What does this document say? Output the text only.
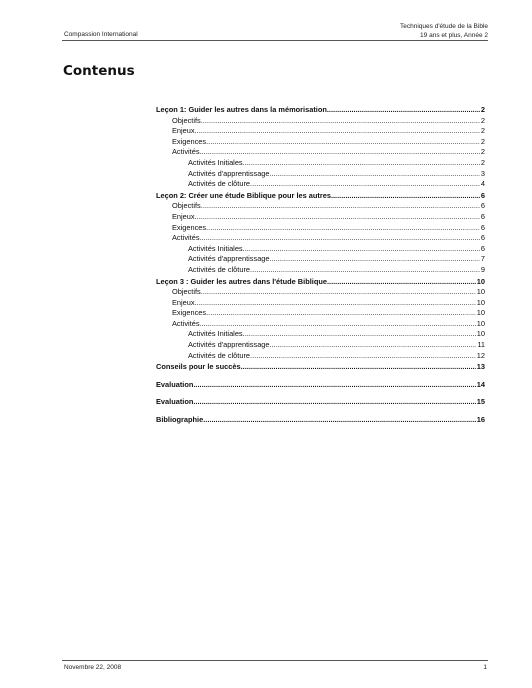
Compassion International
Techniques d'étude de la Bible
19 ans et plus, Année 2
Contenus
Leçon 1: Guider les autres dans la mémorisation .....	2
Objectifs .....	2
Enjeux .....	2
Exigences .....	2
Activités .....	2
Activités Initiales .....	2
Activités d'apprentissage .....	3
Activités de clôture .....	4
Leçon 2: Créer une étude Biblique pour les autres .....	6
Objectifs .....	6
Enjeux .....	6
Exigences .....	6
Activités .....	6
Activités Initiales .....	6
Activités d'apprentissage .....	7
Activités de clôture .....	9
Leçon 3 : Guider les autres dans l'étude Biblique .....	10
Objectifs .....	10
Enjeux .....	10
Exigences .....	10
Activités .....	10
Activités Initiales .....	10
Activités d'apprentissage .....	11
Activités de clôture .....	12
Conseils pour le succès .....	13
Evaluation .....	14
Evaluation .....	15
Bibliographie .....	16
Novembre 22, 2008	1
